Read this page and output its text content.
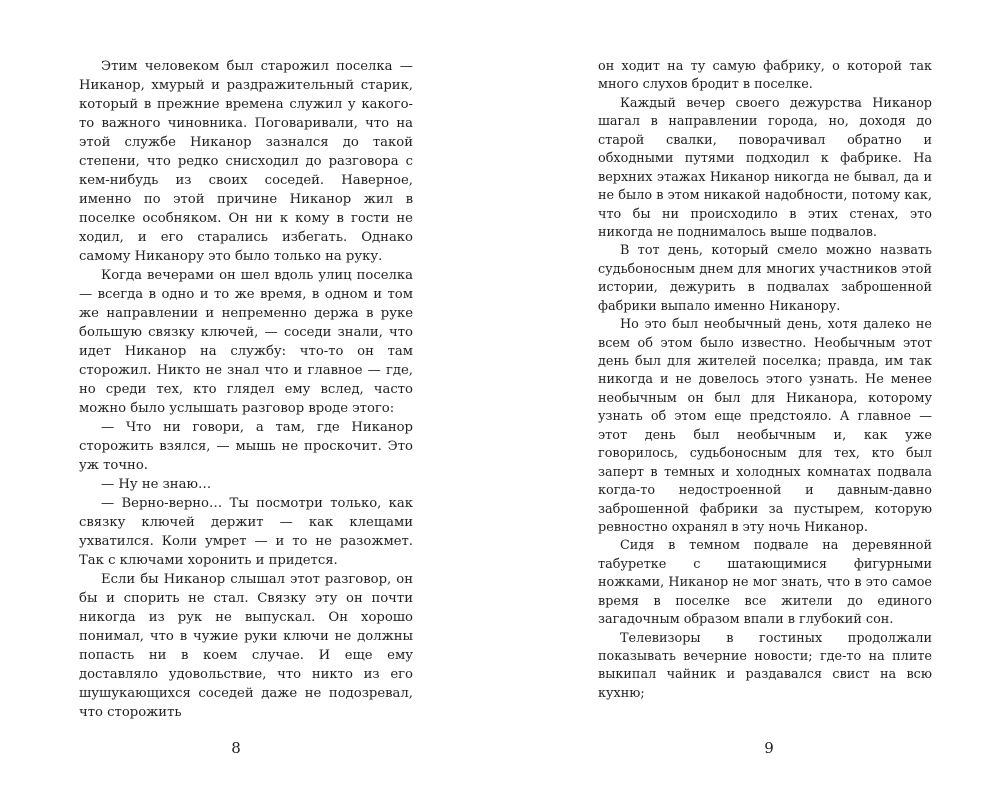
Этим человеком был старожил поселка — Никанор, хмурый и раздражительный старик, который в прежние времена служил у какого-то важного чиновника. Поговаривали, что на этой службе Никанор зазнался до такой степени, что редко снисходил до разговора с кем-нибудь из своих соседей. Наверное, именно по этой причине Никанор жил в поселке особняком. Он ни к кому в гости не ходил, и его старались избегать. Однако самому Никанору это было только на руку.

Когда вечерами он шел вдоль улиц поселка — всегда в одно и то же время, в одном и том же направлении и непременно держа в руке большую связку ключей, — соседи знали, что идет Никанор на службу: что-то он там сторожил. Никто не знал что и главное — где, но среди тех, кто глядел ему вслед, часто можно было услышать разговор вроде этого:

— Что ни говори, а там, где Никанор сторожить взялся, — мышь не проскочит. Это уж точно.

— Ну не знаю…

— Верно-верно… Ты посмотри только, как связку ключей держит — как клещами ухватился. Коли умрет — и то не разожмет. Так с ключами хоронить и придется.

Если бы Никанор слышал этот разговор, он бы и спорить не стал. Связку эту он почти никогда из рук не выпускал. Он хорошо понимал, что в чужие руки ключи не должны попасть ни в коем случае. И еще ему доставляло удовольствие, что никто из его шушукающихся соседей даже не подозревал, что сторожить

8

он ходит на ту самую фабрику, о которой так много слухов бродит в поселке.

Каждый вечер своего дежурства Никанор шагал в направлении города, но, доходя до старой свалки, поворачивал обратно и обходными путями подходил к фабрике. На верхних этажах Никанор никогда не бывал, да и не было в этом никакой надобности, потому как, что бы ни происходило в этих стенах, это никогда не поднималось выше подвалов.

В тот день, который смело можно назвать судьбоносным днем для многих участников этой истории, дежурить в подвалах заброшенной фабрики выпало именно Никанору.

Но это был необычный день, хотя далеко не всем об этом было известно. Необычным этот день был для жителей поселка; правда, им так никогда и не довелось этого узнать. Не менее необычным он был для Никанора, которому узнать об этом еще предстояло. А главное — этот день был необычным и, как уже говорилось, судьбоносным для тех, кто был заперт в темных и холодных комнатах подвала когда-то недостроенной и давным-давно заброшенной фабрики за пустырем, которую ревностно охранял в эту ночь Никанор.

Сидя в темном подвале на деревянной табуретке с шатающимися фигурными ножками, Никанор не мог знать, что в это самое время в поселке все жители до единого загадочным образом впали в глубокий сон.

Телевизоры в гостиных продолжали показывать вечерние новости; где-то на плите выкипал чайник и раздавался свист на всю кухню;

9
